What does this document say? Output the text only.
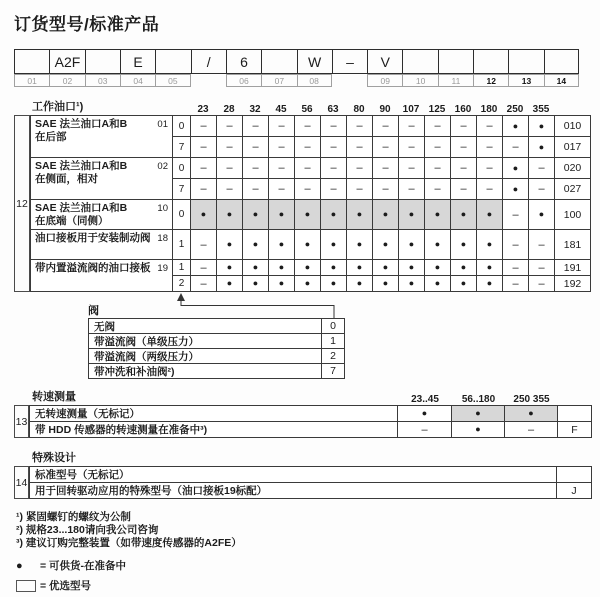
订货型号/标准产品
A2F	E	/	6	W	–	V
01	02	03	04	05	06	07	08	09	10	11	12	13	14
工作油口¹)	23	28	32	45	56	63	80	90	107 125 160 180 250 355
12
SAE 法兰油口A和B
在后部
01	0	– – – – – – – – – – – – ● ●	010
7	– – – – – – – – – – – – – ●	017
SAE 法兰油口A和B
在侧面，相对
02	0	– – – – – – – – – – – – ● –	020
7	– – – – – – – – – – – – ● –	027
SAE 法兰油口A和B
在底端（同侧）
10
0	● ● ● ● ● ● ● ● ● ● ● ● – ●	100
油口接板用于安装制动阀 18
1	– ● ● ● ● ● ● ● ● ● ● ● – –	181
带内置溢流阀的油口接板 19	1	– ● ● ● ● ● ● ● ● ● ● ● – –	191
2	– ● ● ● ● ● ● ● ● ● ● ● – –	192
阀
无阀	0
带溢流阀（单级压力）	1
带溢流阀（两级压力）	2
带冲洗和补油阀²)	7
转速测量	23..45	56..180	250 355
13
无转速测量（无标记）	●	●	●
带 HDD 传感器的转速测量在准备中³)	–	●	–	F
特殊设计
14
标准型号（无标记）
用于回转驱动应用的特殊型号（油口接板19标配）	J
¹) 紧固螺钉的螺纹为公制
²) 规格23...180请向我公司咨询
³) 建议订购完整装置（如带速度传感器的A2FE）
●	= 可供货-在准备中
= 优选型号
